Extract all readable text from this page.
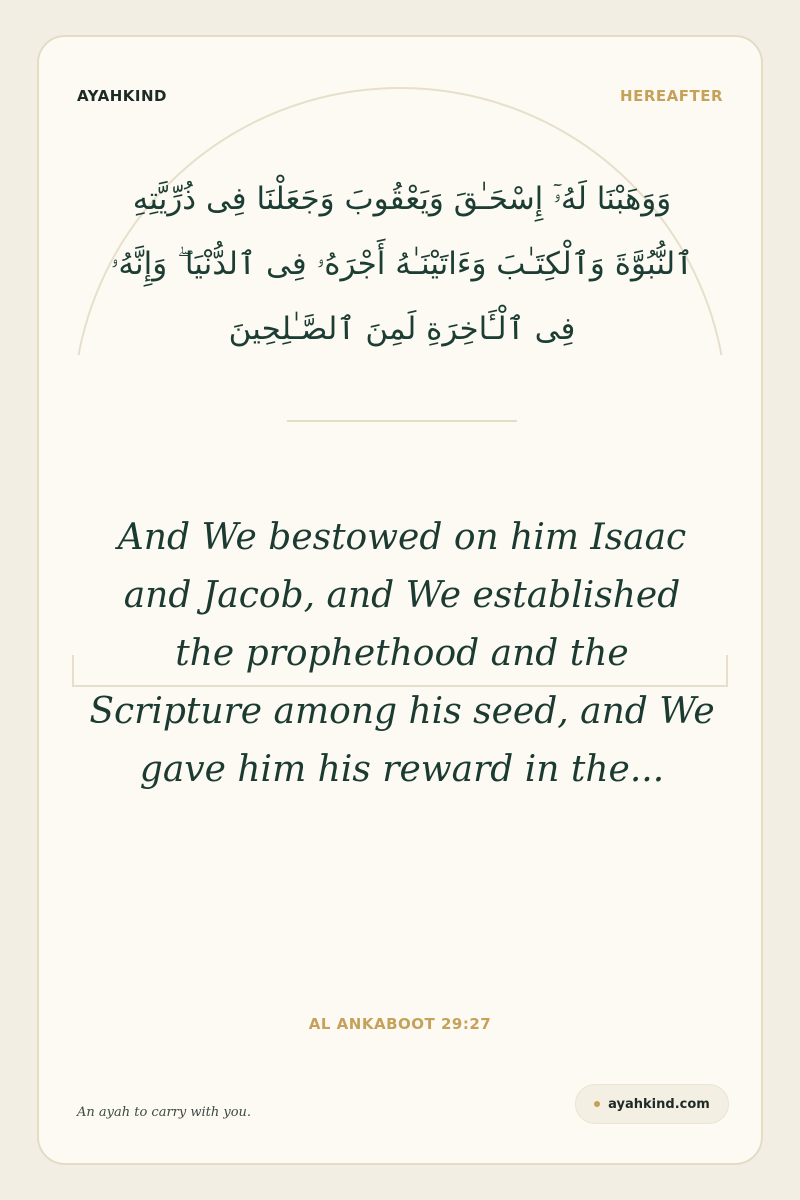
AYAHKIND	HEREAFTER
وَوَهَبْنَا لَهُۥٓ إِسْحَـٰقَ وَيَعْقُوبَ وَجَعَلْنَا فِى ذُرِّيَّتِهِ ٱلنُّبُوَّةَ وَٱلْكِتَـٰبَ وَءَاتَيْنَـٰهُ أَجْرَهُۥ فِى ٱلدُّنْيَا ۖ وَإِنَّهُۥ فِى ٱلْـَٔاخِرَةِ لَمِنَ ٱلصَّـٰلِحِينَ
And We bestowed on him Isaac and Jacob, and We established the prophethood and the Scripture among his seed, and We gave him his reward in the...
AL ANKABOOT 29:27
An ayah to carry with you.
ayahkind.com
